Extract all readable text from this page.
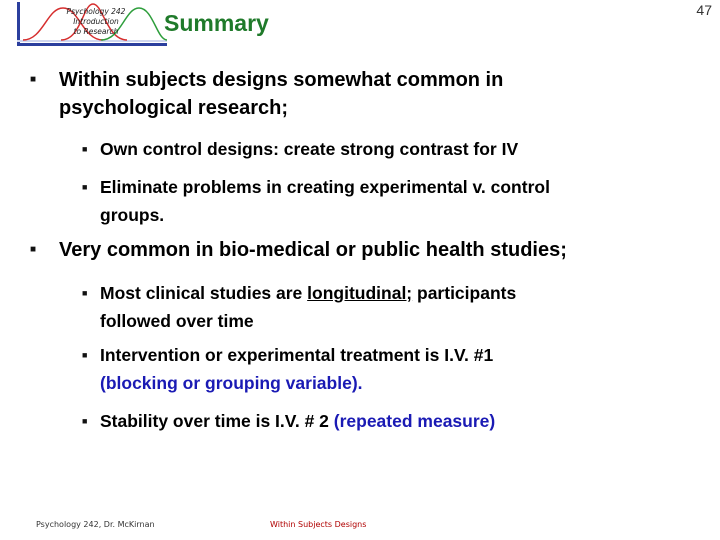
Psychology 242
Introduction
to Research	Summary	47
■ Within subjects designs somewhat common in
psychological research;
■ Own control designs: create strong contrast for IV
■ Eliminate problems in creating experimental v. control
groups.
■ Very common in bio-medical or public health studies;
■ Most clinical studies are longitudinal; participants
followed over time
■ Intervention or experimental treatment is I.V. #1
(blocking or grouping variable).
■ Stability over time is I.V. # 2 (repeated measure)
Psychology 242, Dr. McKirnan	Within Subjects Designs
